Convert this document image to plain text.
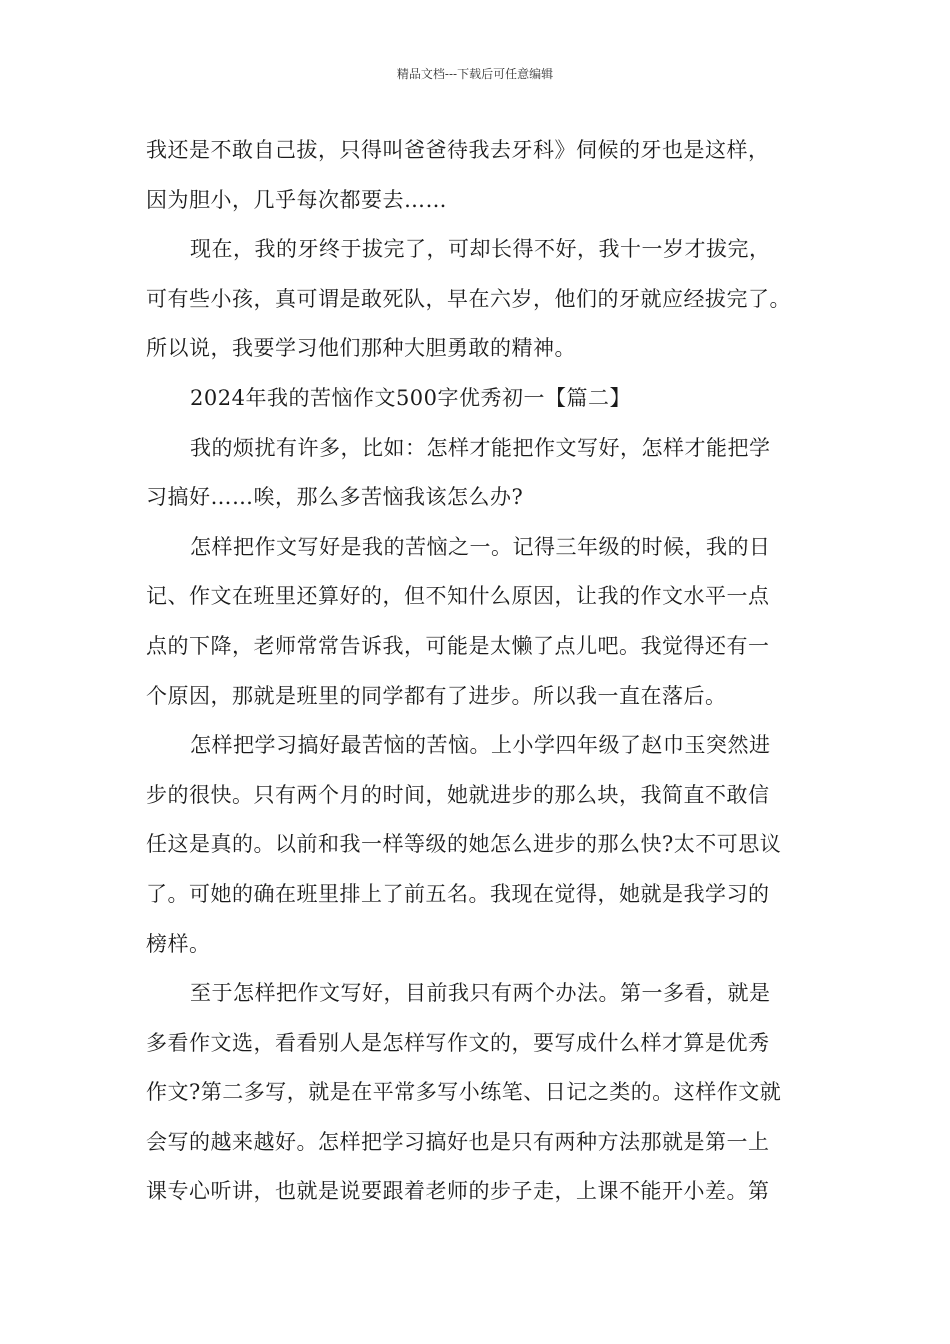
精品文档---下载后可任意编辑
我还是不敢自己拔，只得叫爸爸待我去牙科》伺候的牙也是这样，
因为胆小，几乎每次都要去……
现在，我的牙终于拔完了，可却长得不好，我十一岁才拔完，
可有些小孩，真可谓是敢死队，早在六岁，他们的牙就应经拔完了。
所以说，我要学习他们那种大胆勇敢的精神。
2024年我的苦恼作文500字优秀初一【篇二】
我的烦扰有许多，比如：怎样才能把作文写好，怎样才能把学
习搞好……唉，那么多苦恼我该怎么办?
怎样把作文写好是我的苦恼之一。记得三年级的时候，我的日
记、作文在班里还算好的，但不知什么原因，让我的作文水平一点
点的下降，老师常常告诉我，可能是太懒了点儿吧。我觉得还有一
个原因，那就是班里的同学都有了进步。所以我一直在落后。
怎样把学习搞好最苦恼的苦恼。上小学四年级了赵巾玉突然进
步的很快。只有两个月的时间，她就进步的那么块，我简直不敢信
任这是真的。以前和我一样等级的她怎么进步的那么快?太不可思议
了。可她的确在班里排上了前五名。我现在觉得，她就是我学习的
榜样。
至于怎样把作文写好，目前我只有两个办法。第一多看，就是
多看作文选，看看别人是怎样写作文的，要写成什么样才算是优秀
作文?第二多写，就是在平常多写小练笔、日记之类的。这样作文就
会写的越来越好。怎样把学习搞好也是只有两种方法那就是第一上
课专心听讲，也就是说要跟着老师的步子走，上课不能开小差。第
